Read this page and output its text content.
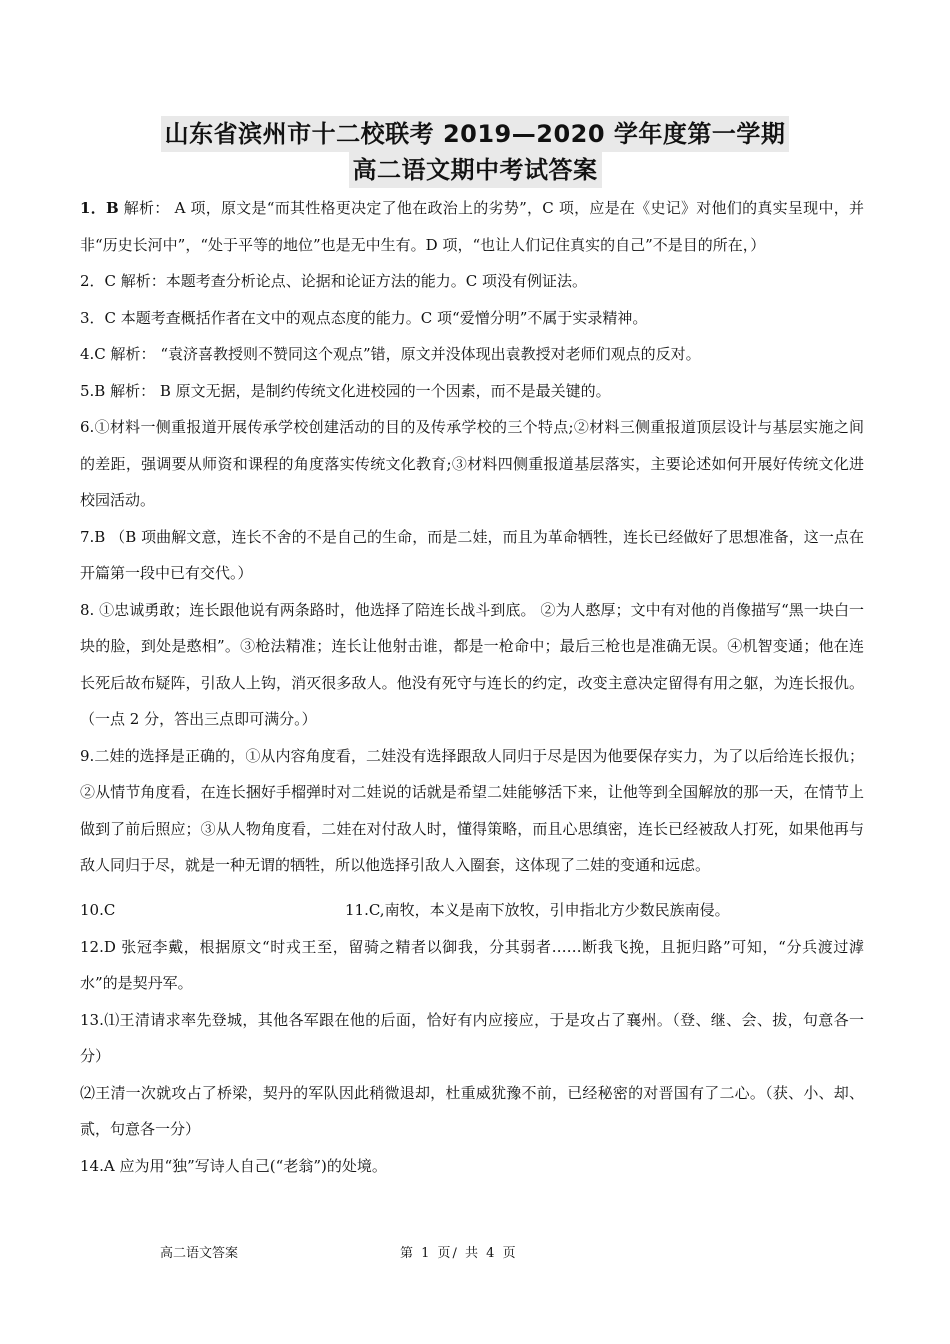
山东省滨州市十二校联考 2019—2020 学年度第一学期
高二语文期中考试答案

1．B 解析： A 项，原文是“而其性格更决定了他在政治上的劣势”，C 项，应是在《史记》对他们的真实呈现中，并非“历史长河中”，“处于平等的地位”也是无中生有。D 项，“也让人们记住真实的自己”不是目的所在，）

2．C 解析：本题考查分析论点、论据和论证方法的能力。C 项没有例证法。

3．C 本题考查概括作者在文中的观点态度的能力。C 项“爱憎分明”不属于实录精神。

4.C 解析： “袁济喜教授则不赞同这个观点”错，原文并没体现出袁教授对老师们观点的反对。

5.B 解析： B 原文无据，是制约传统文化进校园的一个因素，而不是最关键的。

6.①材料一侧重报道开展传承学校创建活动的目的及传承学校的三个特点;②材料三侧重报道顶层设计与基层实施之间的差距，强调要从师资和课程的角度落实传统文化教育;③材料四侧重报道基层落实，主要论述如何开展好传统文化进校园活动。

7.B （B 项曲解文意，连长不舍的不是自己的生命，而是二娃，而且为革命牺牲，连长已经做好了思想准备，这一点在开篇第一段中已有交代。）

8. ①忠诚勇敢；连长跟他说有两条路时，他选择了陪连长战斗到底。 ②为人憨厚；文中有对他的肖像描写“黑一块白一块的脸，到处是憨相”。③枪法精准；连长让他射击谁，都是一枪命中；最后三枪也是准确无误。④机智变通；他在连长死后故布疑阵，引敌人上钩，消灭很多敌人。他没有死守与连长的约定，改变主意决定留得有用之躯，为连长报仇。（一点 2 分，答出三点即可满分。）

9.二娃的选择是正确的，①从内容角度看，二娃没有选择跟敌人同归于尽是因为他要保存实力，为了以后给连长报仇；②从情节角度看，在连长捆好手榴弹时对二娃说的话就是希望二娃能够活下来，让他等到全国解放的那一天，在情节上做到了前后照应；③从人物角度看，二娃在对付敌人时，懂得策略，而且心思缜密，连长已经被敌人打死，如果他再与敌人同归于尽，就是一种无谓的牺牲，所以他选择引敌人入圈套，这体现了二娃的变通和远虑。

10.C	11.C,南牧，本义是南下放牧，引申指北方少数民族南侵。

12.D 张冠李戴，根据原文“时戎王至，留骑之精者以御我，分其弱者……断我飞挽，且扼归路”可知，“分兵渡过滹水”的是契丹军。

13.⑴王清请求率先登城，其他各军跟在他的后面，恰好有内应接应，于是攻占了襄州。（登、继、会、拔，句意各一分）

⑵王清一次就攻占了桥梁，契丹的军队因此稍微退却，杜重威犹豫不前，已经秘密的对晋国有了二心。（获、小、却、贰，句意各一分）

14.A 应为用“独”写诗人自己(“老翁”)的处境。

高二语文答案	第 1 页/ 共 4 页
